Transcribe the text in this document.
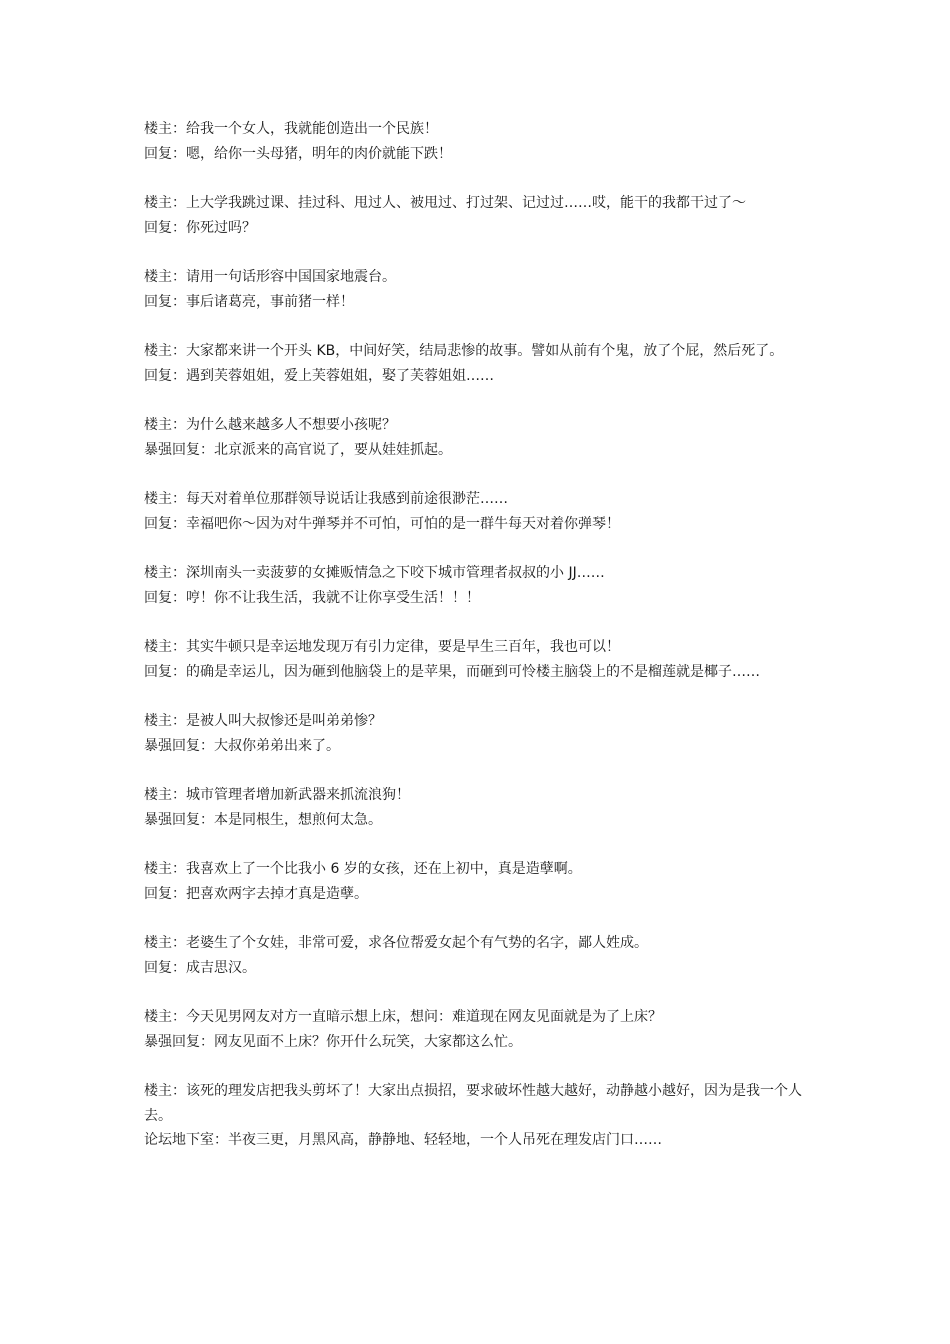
楼主：给我一个女人，我就能创造出一个民族！

回复：嗯，给你一头母猪，明年的肉价就能下跌！

楼主：上大学我跳过课、挂过科、甩过人、被甩过、打过架、记过过……哎，能干的我都干过了～

回复：你死过吗？

楼主：请用一句话形容中国国家地震台。

回复：事后诸葛亮，事前猪一样！

楼主：大家都来讲一个开头 KB，中间好笑，结局悲惨的故事。譬如从前有个鬼，放了个屁，然后死了。

回复：遇到芙蓉姐姐，爱上芙蓉姐姐，娶了芙蓉姐姐……

楼主：为什么越来越多人不想要小孩呢？

暴强回复：北京派来的高官说了，要从娃娃抓起。

楼主：每天对着单位那群领导说话让我感到前途很渺茫……

回复：幸福吧你～因为对牛弹琴并不可怕，可怕的是一群牛每天对着你弹琴！

楼主：深圳南头一卖菠萝的女摊贩情急之下咬下城市管理者叔叔的小 JJ……

回复：哼！你不让我生活，我就不让你享受生活！！！

楼主：其实牛顿只是幸运地发现万有引力定律，要是早生三百年，我也可以！

回复：的确是幸运儿，因为砸到他脑袋上的是苹果，而砸到可怜楼主脑袋上的不是榴莲就是椰子……

楼主：是被人叫大叔惨还是叫弟弟惨？

暴强回复：大叔你弟弟出来了。

楼主：城市管理者增加新武器来抓流浪狗！

暴强回复：本是同根生，想煎何太急。

楼主：我喜欢上了一个比我小 6 岁的女孩，还在上初中，真是造孽啊。

回复：把喜欢两字去掉才真是造孽。

楼主：老婆生了个女娃，非常可爱，求各位帮爱女起个有气势的名字，鄙人姓成。

回复：成吉思汉。

楼主：今天见男网友对方一直暗示想上床，想问：难道现在网友见面就是为了上床？

暴强回复：网友见面不上床？你开什么玩笑，大家都这么忙。

楼主：该死的理发店把我头剪坏了！大家出点损招，要求破坏性越大越好，动静越小越好，因为是我一个人去。

论坛地下室：半夜三更，月黑风高，静静地、轻轻地，一个人吊死在理发店门口……
